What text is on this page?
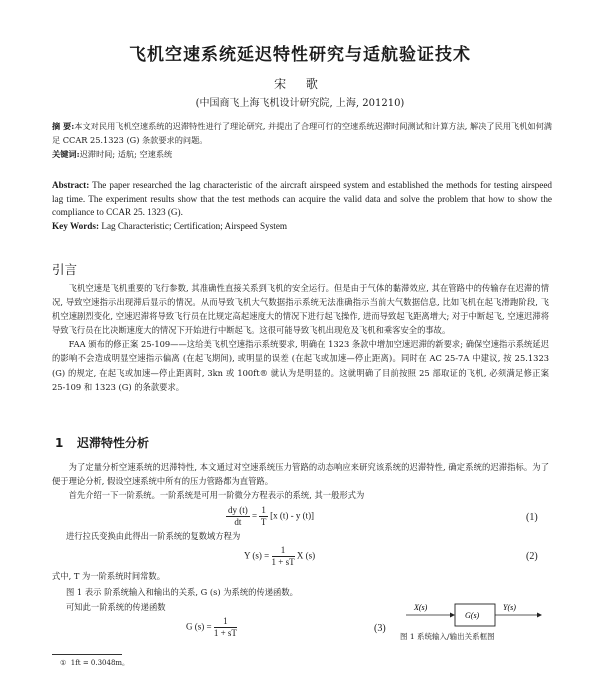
飞机空速系统延迟特性研究与适航验证技术
宋 歌
(中国商飞上海飞机设计研究院, 上海, 201210)

摘 要:本文对民用飞机空速系统的迟滞特性进行了理论研究, 并提出了合理可行的空速系统迟滞时间测试和计算方法, 解决了民用飞机如何满足 CCAR 25.1323 (G) 条款要求的问题。

关键词:迟滞时间; 适航; 空速系统

Abstract: The paper researched the lag characteristic of the aircraft airspeed system and established the methods for testing airspeed lag time. The experiment results show that the test methods can acquire the valid data and solve the problem that how to show the compliance to CCAR 25. 1323 (G).

Key Words: Lag Characteristic; Certification; Airspeed System

引言

飞机空速是飞机重要的飞行参数, 其准确性直接关系到飞机的安全运行。但是由于气体的黏滞效应, 其在管路中的传输存在迟滞的情况, 导致空速指示出现滞后显示的情况。从而导致飞机大气数据指示系统无法准确指示当前大气数据信息, 比如飞机在起飞滑跑阶段, 飞机空速剧烈变化, 空速迟滞将导致飞行员在比规定高起速度大的情况下进行起飞操作, 进而导致起飞距离增大; 对于中断起飞, 空速迟滞将导致飞行员在比决断速度大的情况下开始进行中断起飞。这很可能导致飞机出现危及飞机和乘客安全的事故。

FAA 颁布的修正案 25-109——这给美飞机空速指示系统要求, 明确在 1323 条款中增加空速迟滞的新要求; 确保空速指示系统延迟的影响不会造成明显空速指示偏离 (在起飞期间), 或明显的误差 (在起飞或加速—停止距离)。同时在 AC 25-7A 中建议, 按 25.1323 (G) 的规定, 在起飞或加速—停止距离时, 3kn 或 100ft® 就认为是明显的。这就明确了目前按照 25 部取证的飞机, 必须满足修正案 25-109 和 1323 (G) 的条款要求。

1 迟滞特性分析

为了定量分析空速系统的迟滞特性, 本文通过对空速系统压力管路的动态响应来研究该系统的迟滞特性, 确定系统的迟滞指标。为了便于理论分析, 假设空速系统中所有的压力管路都为直管路。

首先介绍一下一阶系统。一阶系统是可用一阶微分方程表示的系统, 其一般形式为

$\frac{dy (t)}{dt} = \frac{1}{T} [x$ (t) - y (t)]	(1)
进行拉氏变换由此得出一阶系统的复数域方程为
Y $(s) = \frac{1}{1 + sT}$ X (s)	(2)
式中, T 为一阶系统时间常数。
图 1 表示 阶系统输入和输出的关系, G (s) 为系统的传递函数。
可知此一阶系统的传递函数
G $(s) = \frac{1}{1 + sT}$	(3)
X(s)
G(s)
Y(s)
图 1 系统输入/输出关系框图
① 1ft = 0.3048m。
